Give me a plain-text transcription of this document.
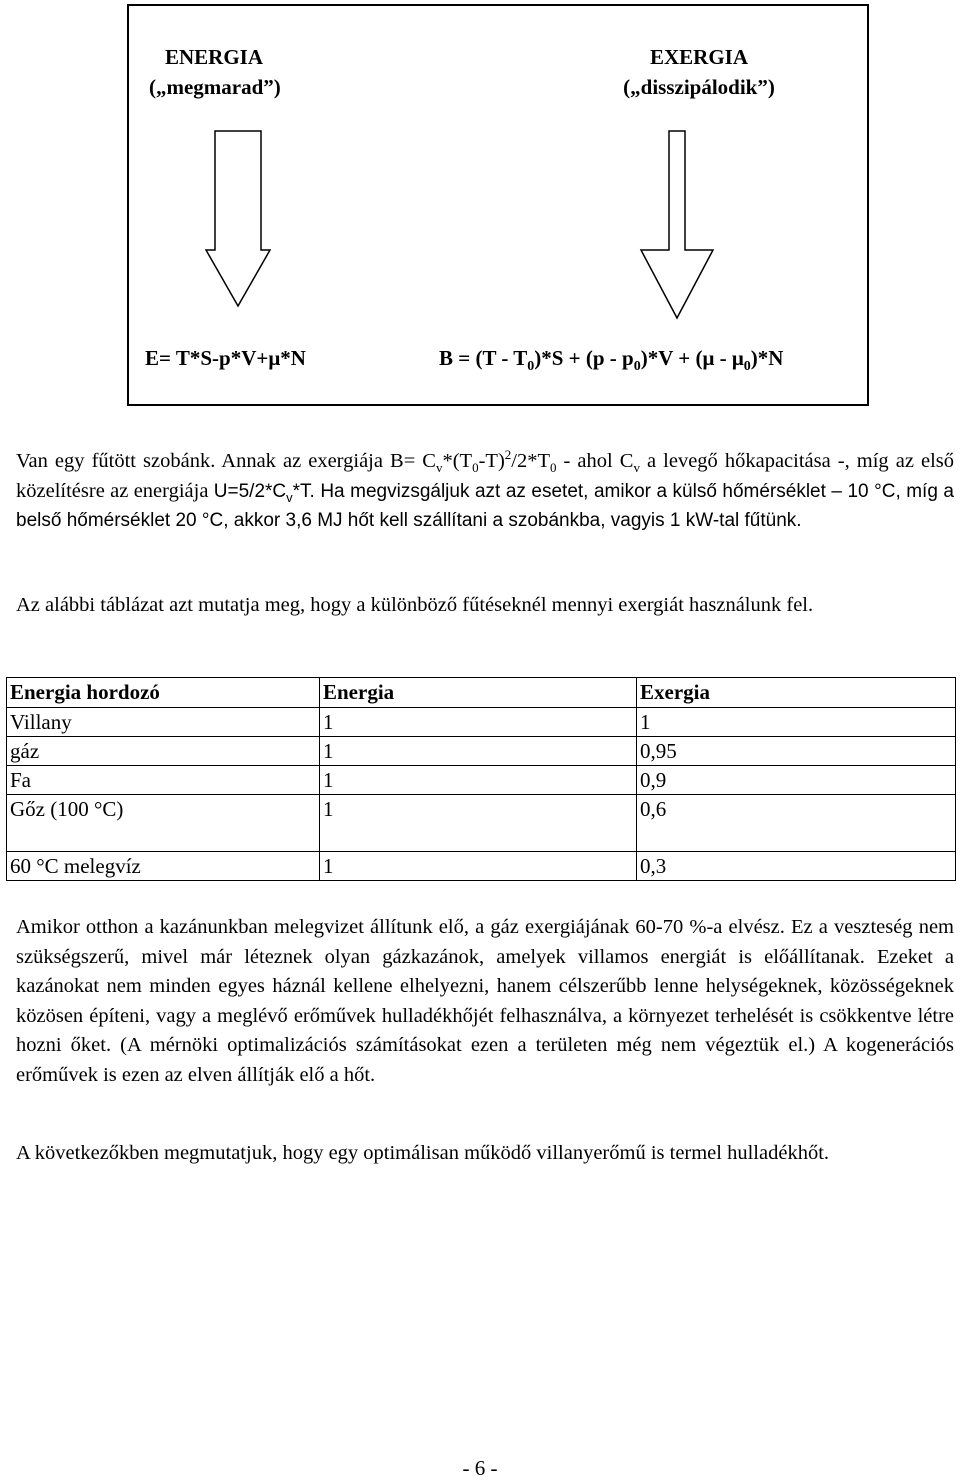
ENERGIA
(„megmarad”)
EXERGIA
(„disszipálodik”)
E= T*S-p*V+μ*N	$B = (T - T_0)*S + (p - p_0)*V + (\mu - \mu_0)*N$
Van egy fűtött szobánk. Annak az exergiája $B= C_v*(T_0-T)^2/2*T_0$ - ahol $C_v$ a levegő hőkapacitása -, míg az első közelítésre az energiája $U=5/2*C_v*T$. Ha megvizsgáljuk azt az esetet, amikor a külső hőmérséklet – 10 °C, míg a belső hőmérséklet 20 °C, akkor 3,6 MJ hőt kell szállítani a szobánkba, vagyis 1 kW-tal fűtünk.
Az alábbi táblázat azt mutatja meg, hogy a különböző fűtéseknél mennyi exergiát használunk fel.
Energia hordozó	Energia	Exergia
Villany	1	1
gáz	1	0,95
Fa	1	0,9
Gőz (100 °C)	1	0,6
60 °C melegvíz	1	0,3
Amikor otthon a kazánunkban melegvizet állítunk elő, a gáz exergiájának 60-70 %-a elvész. Ez a veszteség nem szükségszerű, mivel már léteznek olyan gázkazánok, amelyek villamos energiát is előállítanak. Ezeket a kazánokat nem minden egyes háznál kellene elhelyezni, hanem célszerűbb lenne helységeknek, közösségeknek közösen építeni, vagy a meglévő erőművek hulladékhőjét felhasználva, a környezet terhelését is csökkentve létre hozni őket. (A mérnöki optimalizációs számításokat ezen a területen még nem végeztük el.) A kogenerációs erőművek is ezen az elven állítják elő a hőt.
A következőkben megmutatjuk, hogy egy optimálisan működő villanyerőmű is termel hulladékhőt.
- 6 -
